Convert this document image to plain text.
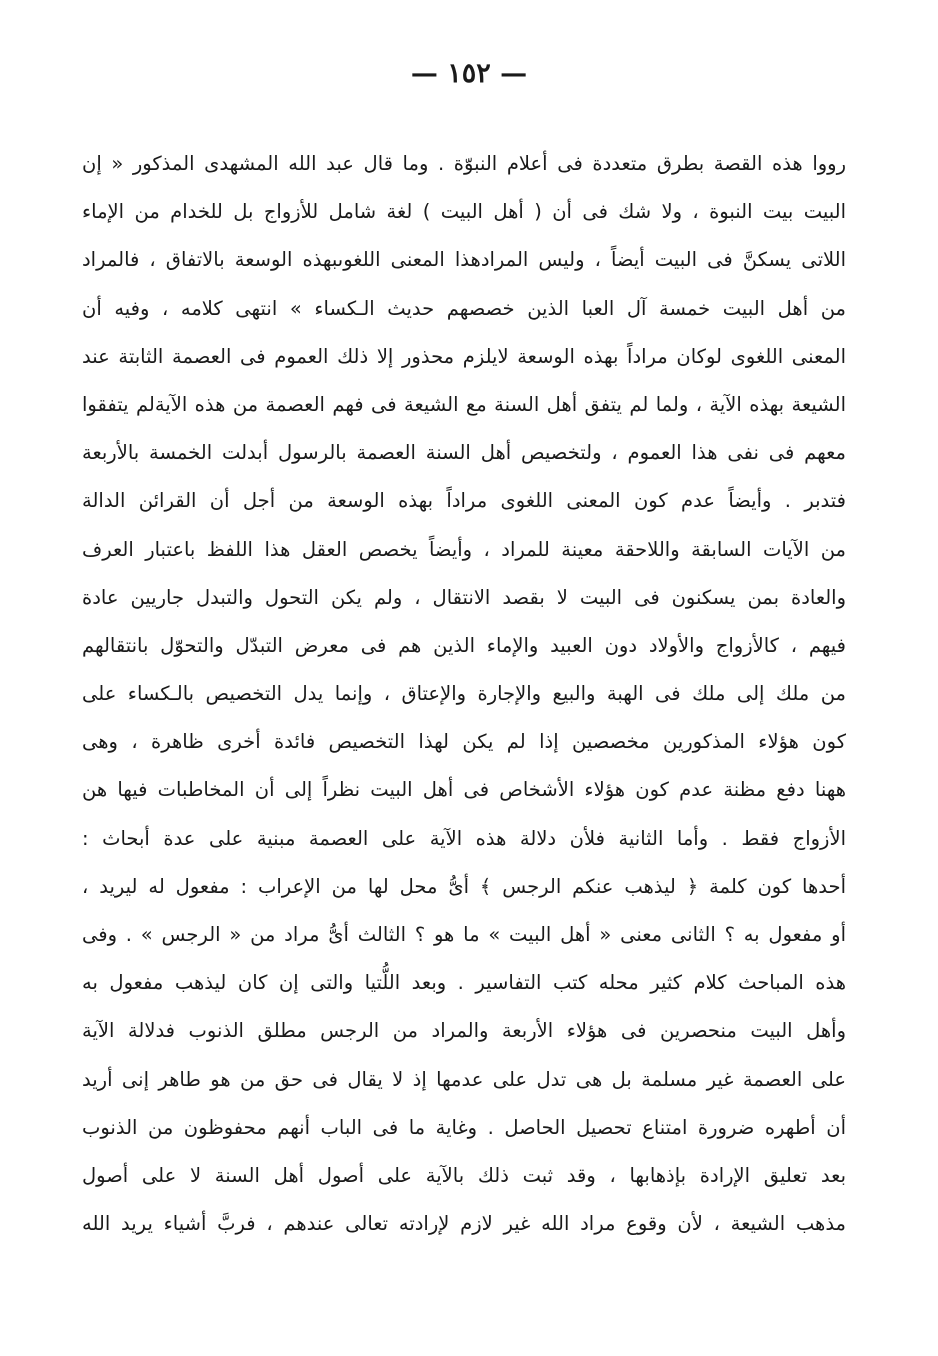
— ١٥٢ —
رووا هذه القصة بطرق متعددة فى أعلام النبوّة . وما قال عبد الله المشهدى المذكور « إن
البيت بيت النبوة ، ولا شك فى أن ( أهل البيت ) لغة شامل للأزواج بل للخدام من الإماء
اللاتى يسكنَّ فى البيت أيضاً ، وليس المرادهذا المعنى اللغوىبهذه الوسعة بالاتفاق ، فالمراد
من أهل البيت خمسة آل العبا الذين خصصهم حديث الـكساء » انتهى كلامه ، وفيه أن
المعنى اللغوى لوكان مراداً بهذه الوسعة لايلزم محذور إلا ذلك العموم فى العصمة الثابتة عند
الشيعة بهذه الآية ، ولما لم يتفق أهل السنة مع الشيعة فى فهم العصمة من هذه الآيةلم يتفقوا
معهم فى نفى هذا العموم ، ولتخصيص أهل السنة العصمة بالرسول أبدلت الخمسة بالأربعة
فتدبر . وأيضاً عدم كون المعنى اللغوى مراداً بهذه الوسعة من أجل أن القرائن الدالة
من الآيات السابقة واللاحقة معينة للمراد ، وأيضاً يخصص العقل هذا اللفظ باعتبار العرف
والعادة بمن يسكنون فى البيت لا بقصد الانتقال ، ولم يكن التحول والتبدل جاريين عادة
فيهم ، كالأزواج والأولاد دون العبيد والإماء الذين هم فى معرض التبدّل والتحوّل بانتقالهم
من ملك إلى ملك فى الهبة والبيع والإجارة والإعتاق ، وإنما يدل التخصيص بالـكساء على
كون هؤلاء المذكورين مخصصين إذا لم يكن لهذا التخصيص فائدة أخرى ظاهرة ، وهى
ههنا دفع مظنة عدم كون هؤلاء الأشخاص فى أهل البيت نظراً إلى أن المخاطبات فيها هن
الأزواج فقط . وأما الثانية فلأن دلالة هذه الآية على العصمة مبنية على عدة أبحاث :
أحدها كون كلمة ﴿ ليذهب عنكم الرجس ﴾ أىُّ محل لها من الإعراب : مفعول له ليريد ،
أو مفعول به ؟ الثانى معنى « أهل البيت » ما هو ؟ الثالث أىُّ مراد من « الرجس » . وفى
هذه المباحث كلام كثير محله كتب التفاسير . وبعد اللُّتيا والتى إن كان ليذهب مفعول به
وأهل البيت منحصرين فى هؤلاء الأربعة والمراد من الرجس مطلق الذنوب فدلالة الآية
على العصمة غير مسلمة بل هى تدل على عدمها إذ لا يقال فى حق من هو طاهر إنى أريد
أن أطهره ضرورة امتناع تحصيل الحاصل . وغاية ما فى الباب أنهم محفوظون من الذنوب
بعد تعليق الإرادة بإذهابها ، وقد ثبت ذلك بالآية على أصول أهل السنة لا على أصول
مذهب الشيعة ، لأن وقوع مراد الله غير لازم لإرادته تعالى عندهم ، فربَّ أشياء يريد الله
